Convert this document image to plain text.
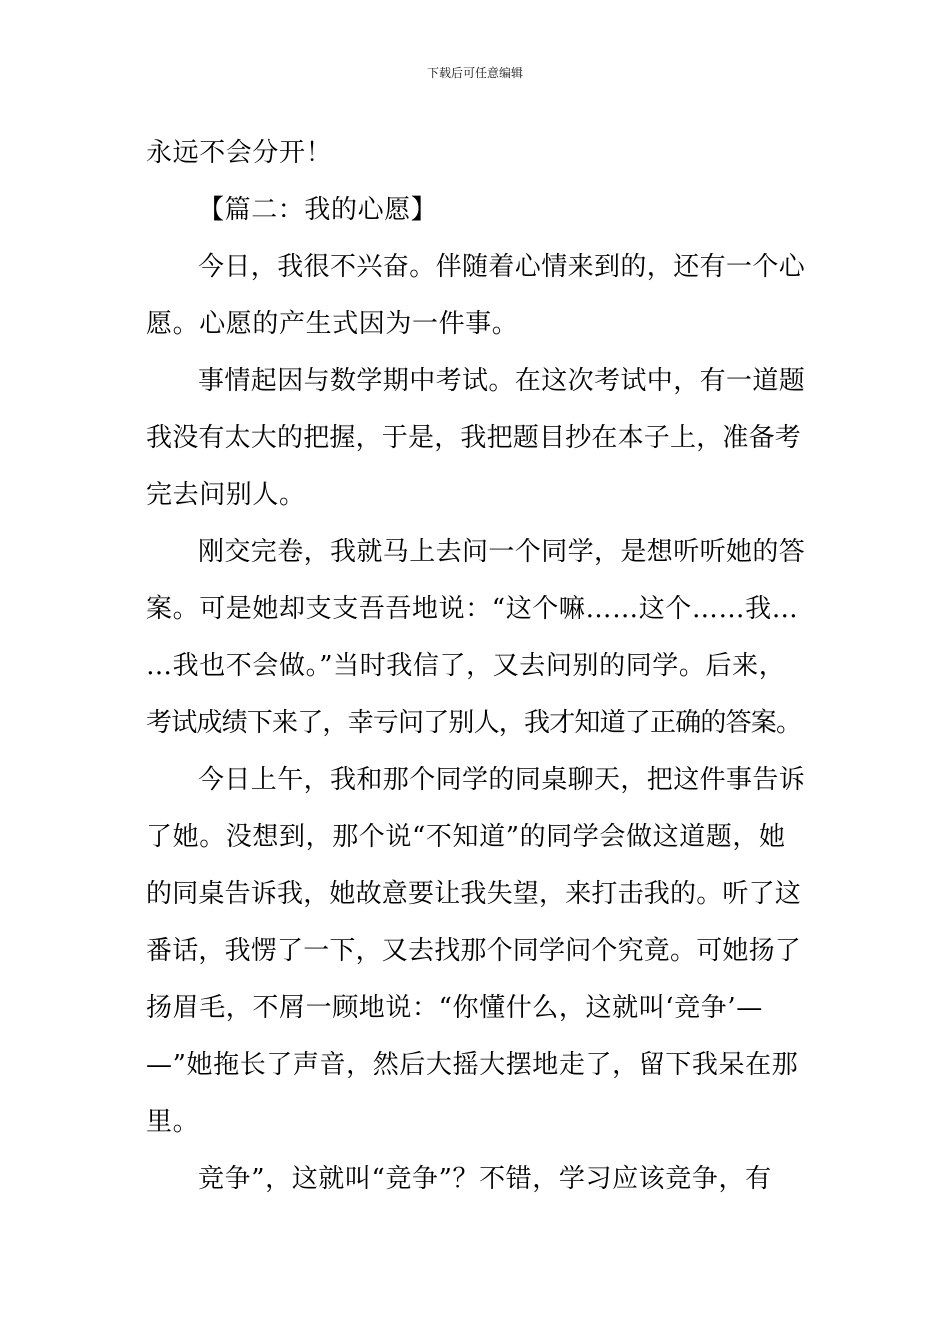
下载后可任意编辑
永远不会分开！
【篇二：我的心愿】
今日，我很不兴奋。伴随着心情来到的，还有一个心
愿。心愿的产生式因为一件事。
事情起因与数学期中考试。在这次考试中，有一道题
我没有太大的把握，于是，我把题目抄在本子上，准备考
完去问别人。
刚交完卷，我就马上去问一个同学，是想听听她的答
案。可是她却支支吾吾地说：“这个嘛……这个……我…
…我也不会做。”当时我信了，又去问别的同学。后来，
考试成绩下来了，幸亏问了别人，我才知道了正确的答案。
今日上午，我和那个同学的同桌聊天，把这件事告诉
了她。没想到，那个说“不知道”的同学会做这道题，她
的同桌告诉我，她故意要让我失望，来打击我的。听了这
番话，我愣了一下，又去找那个同学问个究竟。可她扬了
扬眉毛，不屑一顾地说：“你懂什么，这就叫‘竞争’—
—”她拖长了声音，然后大摇大摆地走了，留下我呆在那
里。
竞争”，这就叫“竞争”？不错，学习应该竞争，有
